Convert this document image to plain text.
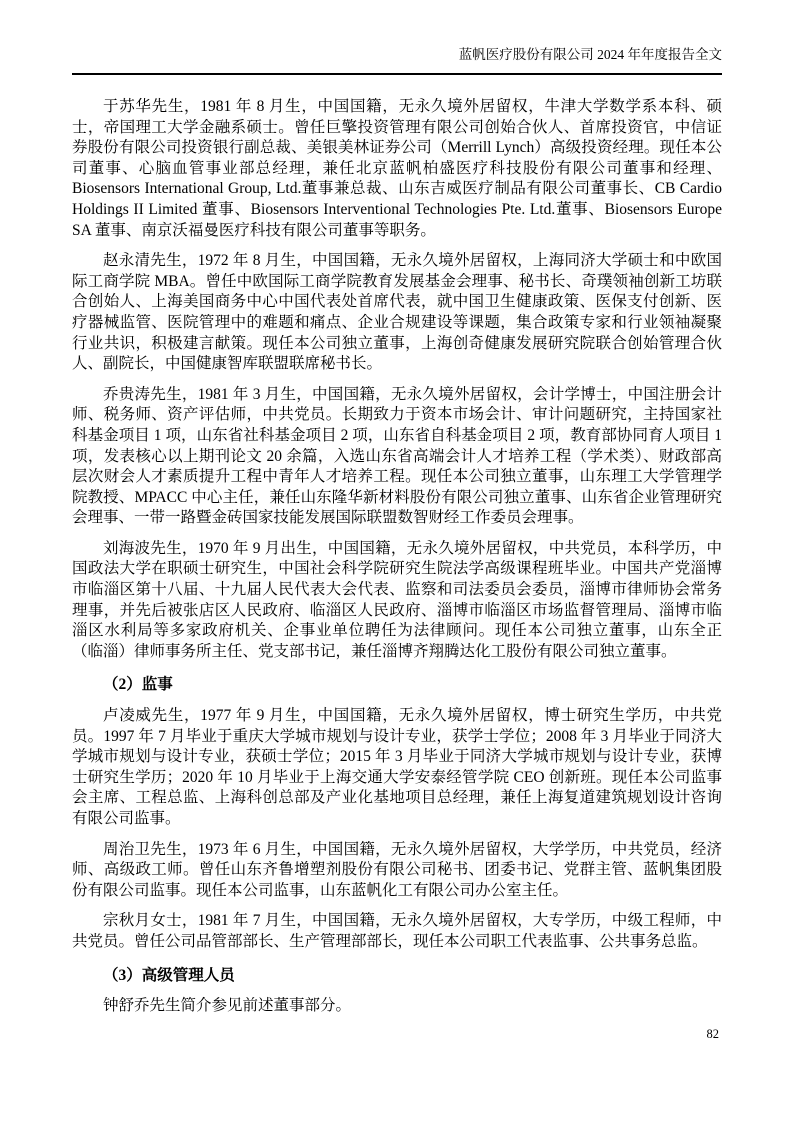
蓝帆医疗股份有限公司 2024 年年度报告全文

于苏华先生，1981 年 8 月生，中国国籍，无永久境外居留权，牛津大学数学系本科、硕士，帝国理工大学金融系硕士。曾任巨擎投资管理有限公司创始合伙人、首席投资官，中信证券股份有限公司投资银行副总裁、美银美林证券公司（Merrill Lynch）高级投资经理。现任本公司董事、心脑血管事业部总经理，兼任北京蓝帆柏盛医疗科技股份有限公司董事和经理、Biosensors International Group, Ltd.董事兼总裁、山东吉威医疗制品有限公司董事长、CB Cardio Holdings II Limited 董事、Biosensors Interventional Technologies Pte. Ltd.董事、Biosensors Europe SA 董事、南京沃福曼医疗科技有限公司董事等职务。

赵永清先生，1972 年 8 月生，中国国籍，无永久境外居留权，上海同济大学硕士和中欧国际工商学院 MBA。曾任中欧国际工商学院教育发展基金会理事、秘书长、奇璞领袖创新工坊联合创始人、上海美国商务中心中国代表处首席代表，就中国卫生健康政策、医保支付创新、医疗器械监管、医院管理中的难题和痛点、企业合规建设等课题，集合政策专家和行业领袖凝聚行业共识，积极建言献策。现任本公司独立董事，上海创奇健康发展研究院联合创始管理合伙人、副院长，中国健康智库联盟联席秘书长。

乔贵涛先生，1981 年 3 月生，中国国籍，无永久境外居留权，会计学博士，中国注册会计师、税务师、资产评估师，中共党员。长期致力于资本市场会计、审计问题研究，主持国家社科基金项目 1 项，山东省社科基金项目 2 项，山东省自科基金项目 2 项，教育部协同育人项目 1 项，发表核心以上期刊论文 20 余篇，入选山东省高端会计人才培养工程（学术类）、财政部高层次财会人才素质提升工程中青年人才培养工程。现任本公司独立董事，山东理工大学管理学院教授、MPACC 中心主任，兼任山东隆华新材料股份有限公司独立董事、山东省企业管理研究会理事、一带一路暨金砖国家技能发展国际联盟数智财经工作委员会理事。

刘海波先生，1970 年 9 月出生，中国国籍，无永久境外居留权，中共党员，本科学历，中国政法大学在职硕士研究生，中国社会科学院研究生院法学高级课程班毕业。中国共产党淄博市临淄区第十八届、十九届人民代表大会代表、监察和司法委员会委员，淄博市律师协会常务理事，并先后被张店区人民政府、临淄区人民政府、淄博市临淄区市场监督管理局、淄博市临淄区水利局等多家政府机关、企事业单位聘任为法律顾问。现任本公司独立董事，山东全正（临淄）律师事务所主任、党支部书记，兼任淄博齐翔腾达化工股份有限公司独立董事。

（2）监事

卢凌威先生，1977 年 9 月生，中国国籍，无永久境外居留权，博士研究生学历，中共党员。1997 年 7 月毕业于重庆大学城市规划与设计专业，获学士学位；2008 年 3 月毕业于同济大学城市规划与设计专业，获硕士学位；2015 年 3 月毕业于同济大学城市规划与设计专业，获博士研究生学历；2020 年 10 月毕业于上海交通大学安泰经管学院 CEO 创新班。现任本公司监事会主席、工程总监、上海科创总部及产业化基地项目总经理，兼任上海复道建筑规划设计咨询有限公司监事。

周治卫先生，1973 年 6 月生，中国国籍，无永久境外居留权，大学学历，中共党员，经济师、高级政工师。曾任山东齐鲁增塑剂股份有限公司秘书、团委书记、党群主管、蓝帆集团股份有限公司监事。现任本公司监事，山东蓝帆化工有限公司办公室主任。

宗秋月女士，1981 年 7 月生，中国国籍，无永久境外居留权，大专学历，中级工程师，中共党员。曾任公司品管部部长、生产管理部部长，现任本公司职工代表监事、公共事务总监。

（3）高级管理人员

钟舒乔先生简介参见前述董事部分。

82
